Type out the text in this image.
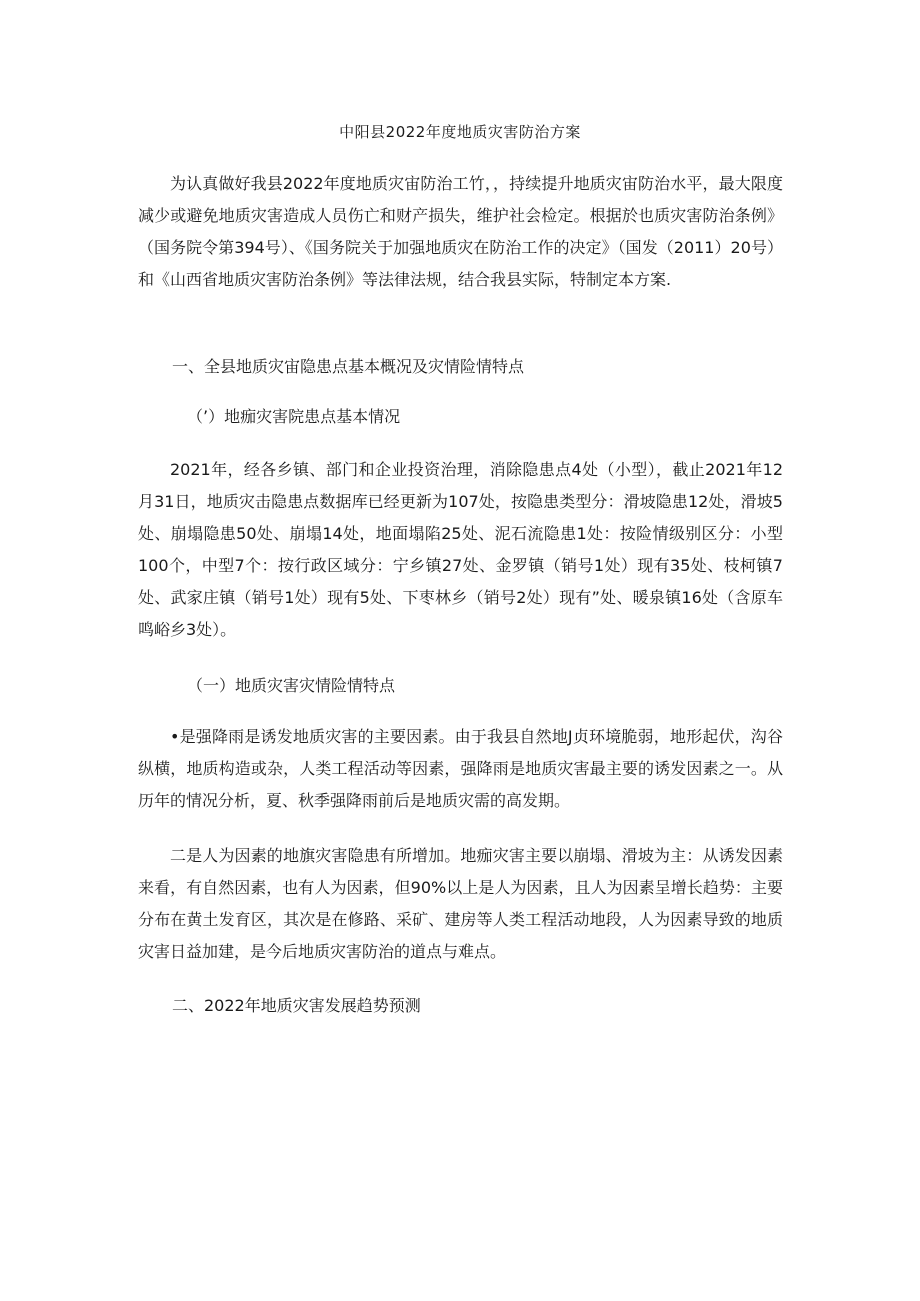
中阳县2022年度地质灾害防治方案

为认真做好我县2022年度地质灾宙防治工竹，，持续提升地质灾宙防治水平，最大限度减少或避免地质灾害造成人员伤亡和财产损失，维护社会检定。根据於也质灾害防治条例》（国务院令第394号）、《国务院关于加强地质灾在防治工作的决定》（国发（2011）20号）和《山西省地质灾害防治条例》等法律法规，结合我县实际，特制定本方案.

一、全县地质灾宙隐患点基本概况及灾情险情特点
（’）地痂灾害院患点基本情况

2021年，经各乡镇、部门和企业投资治理，消除隐患点4处（小型），截止2021年12月31日，地质灾击隐患点数据库已经更新为107处，按隐患类型分：滑坡隐患12处，滑坡5处、崩塌隐患50处、崩塌14处，地面塌陷25处、泥石流隐患1处：按险情级别区分：小型100个，中型7个：按行政区域分：宁乡镇27处、金罗镇（销号1处）现有35处、枝柯镇7处、武家庄镇（销号1处）现有5处、下枣林乡（销号2处）现有”处、暖泉镇16处（含原车鸣峪乡3处）。

（一）地质灾害灾情险情特点

•是强降雨是诱发地质灾害的主要因素。由于我县自然地J贞环境脆弱，地形起伏，沟谷纵横，地质构造或杂，人类工程活动等因素，强降雨是地质灾害最主要的诱发因素之一。从历年的情况分析，夏、秋季强降雨前后是地质灾需的高发期。

二是人为因素的地旗灾害隐患有所增加。地痂灾害主要以崩塌、滑坡为主：从诱发因素来看，有自然因素，也有人为因素，但90%以上是人为因素，且人为因素呈增长趋势：主要分布在黄土发育区，其次是在修路、采矿、建房等人类工程活动地段，人为因素导致的地质灾害日益加建，是今后地质灾害防治的道点与难点。

二、2022年地质灾害发展趋势预测
